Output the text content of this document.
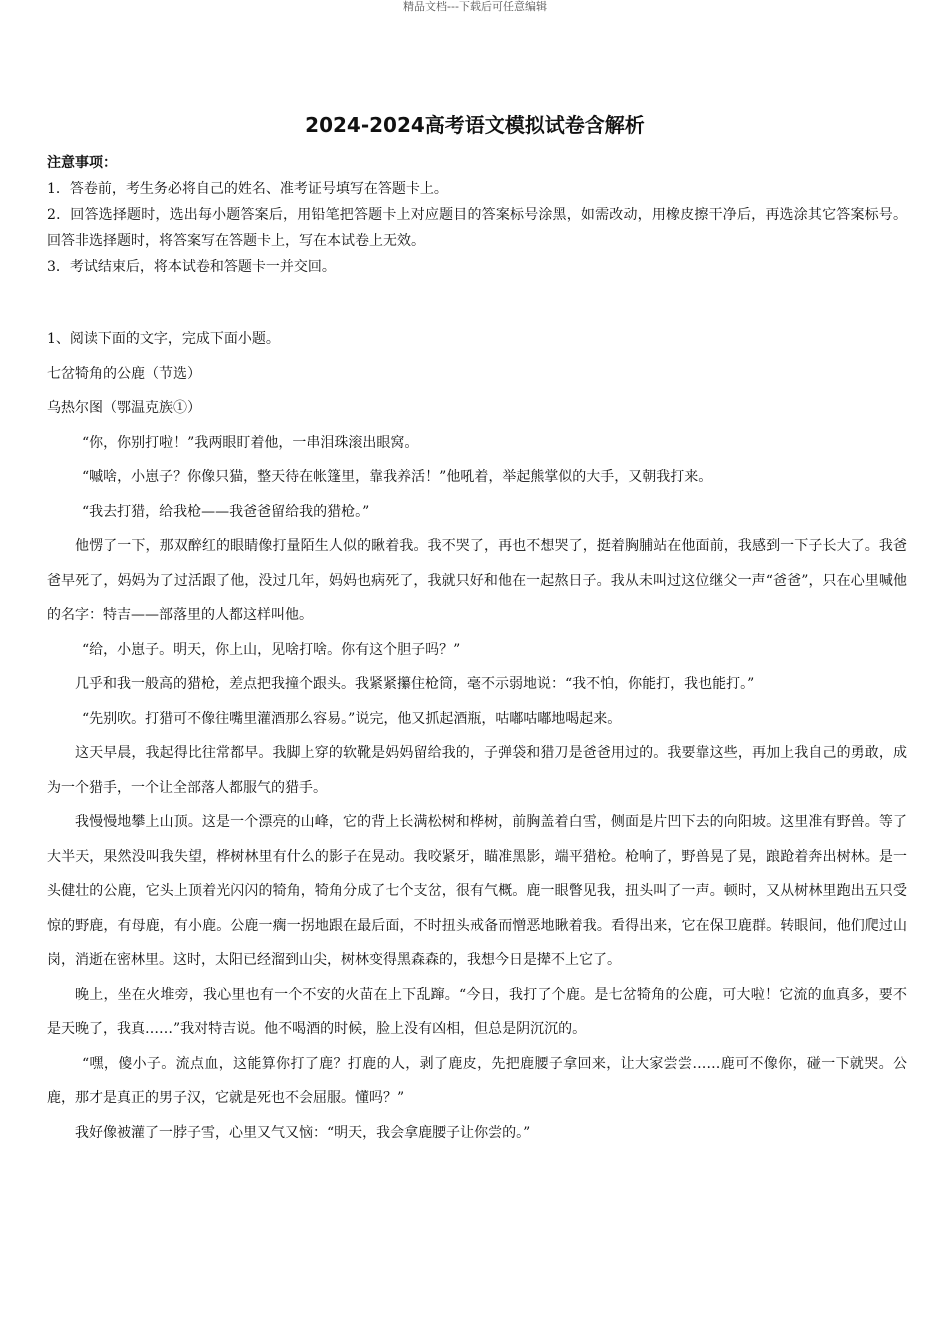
精品文档---下载后可任意编辑
2024-2024高考语文模拟试卷含解析

注意事项：

1．答卷前，考生务必将自己的姓名、准考证号填写在答题卡上。

2．回答选择题时，选出每小题答案后，用铅笔把答题卡上对应题目的答案标号涂黑，如需改动，用橡皮擦干净后，再选涂其它答案标号。回答非选择题时，将答案写在答题卡上，写在本试卷上无效。

3．考试结束后，将本试卷和答题卡一并交回。

1、阅读下面的文字，完成下面小题。

七岔犄角的公鹿（节选）

乌热尔图（鄂温克族①）

“你，你别打啦！”我两眼盯着他，一串泪珠滚出眼窝。

“嘁啥，小崽子？你像只猫，整天待在帐篷里，靠我养活！”他吼着，举起熊掌似的大手，又朝我打来。

“我去打猎，给我枪——我爸爸留给我的猎枪。”

他愣了一下，那双醉红的眼睛像打量陌生人似的瞅着我。我不哭了，再也不想哭了，挺着胸脯站在他面前，我感到一下子长大了。我爸爸早死了，妈妈为了过活跟了他，没过几年，妈妈也病死了，我就只好和他在一起熬日子。我从未叫过这位继父一声“爸爸”，只在心里喊他的名字：特吉——部落里的人都这样叫他。

“给，小崽子。明天，你上山，见啥打啥。你有这个胆子吗？”

几乎和我一般高的猎枪，差点把我撞个跟头。我紧紧攥住枪筒，毫不示弱地说：“我不怕，你能打，我也能打。”

“先别吹。打猎可不像往嘴里灌酒那么容易。”说完，他又抓起酒瓶，咕嘟咕嘟地喝起来。

这天早晨，我起得比往常都早。我脚上穿的软靴是妈妈留给我的，子弹袋和猎刀是爸爸用过的。我要靠这些，再加上我自己的勇敢，成为一个猎手，一个让全部落人都服气的猎手。

我慢慢地攀上山顶。这是一个漂亮的山峰，它的背上长满松树和桦树，前胸盖着白雪，侧面是片凹下去的向阳坡。这里准有野兽。等了大半天，果然没叫我失望，桦树林里有什么的影子在晃动。我咬紧牙，瞄准黑影，端平猎枪。枪响了，野兽晃了晃，踉跄着奔出树林。是一头健壮的公鹿，它头上顶着光闪闪的犄角，犄角分成了七个支岔，很有气概。鹿一眼瞥见我，扭头叫了一声。顿时，又从树林里跑出五只受惊的野鹿，有母鹿，有小鹿。公鹿一瘸一拐地跟在最后面，不时扭头戒备而憎恶地瞅着我。看得出来，它在保卫鹿群。转眼间，他们爬过山岗，消逝在密林里。这时，太阳已经溜到山尖，树林变得黑森森的，我想今日是撵不上它了。

晚上，坐在火堆旁，我心里也有一个不安的火苗在上下乱蹿。“今日，我打了个鹿。是七岔犄角的公鹿，可大啦！它流的血真多，要不是天晚了，我真……”我对特吉说。他不喝酒的时候，脸上没有凶相，但总是阴沉沉的。

“嘿，傻小子。流点血，这能算你打了鹿？打鹿的人，剥了鹿皮，先把鹿腰子拿回来，让大家尝尝……鹿可不像你，碰一下就哭。公鹿，那才是真正的男子汉，它就是死也不会屈服。懂吗？”

我好像被灌了一脖子雪，心里又气又恼：“明天，我会拿鹿腰子让你尝的。”
